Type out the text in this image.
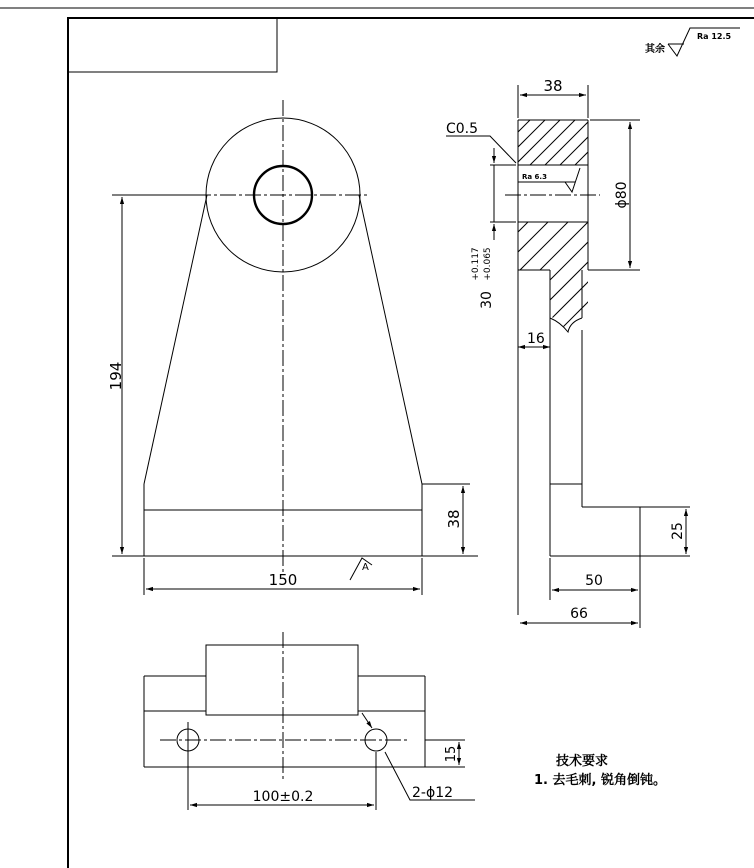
其余
Ra 12.5
194
38
150
A
38
C0.5
Ra 6.3
ϕ80
30
+0.117 +0.065
16
25
50
66
100±0.2	2-ϕ12
15	技术要求
1. 去毛刺, 锐角倒钝。
